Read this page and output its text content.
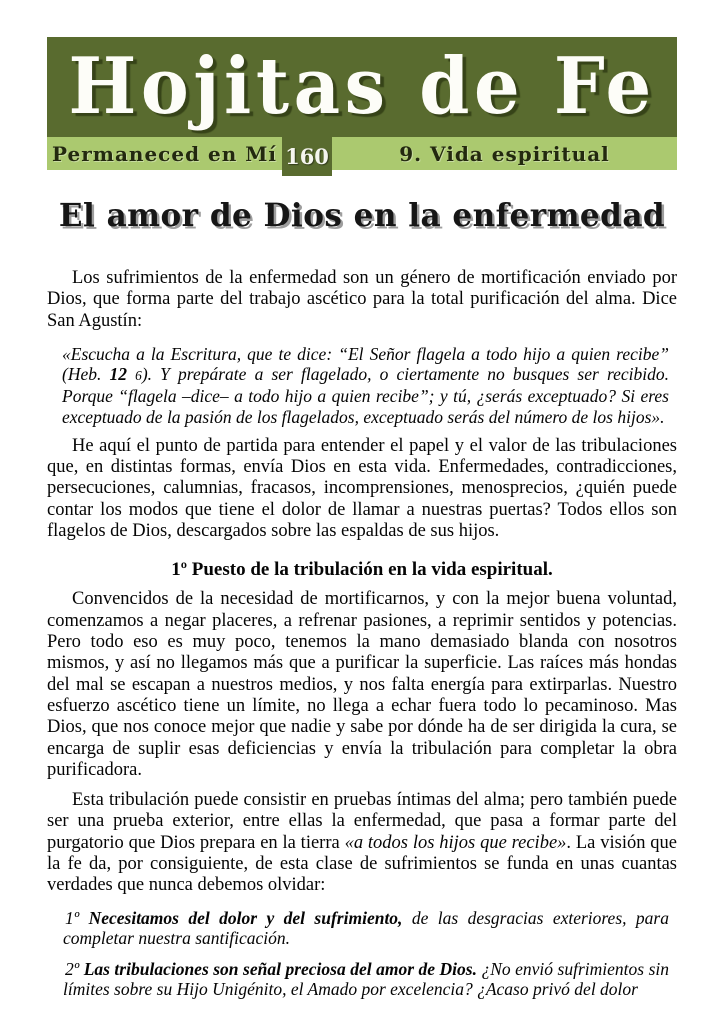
Hojitas de Fe
Permaneced en Mí 160	9. Vida espiritual
El amor de Dios en la enfermedad
Los sufrimientos de la enfermedad son un género de mortificación enviado por Dios, que forma parte del trabajo ascético para la total purificación del alma. Dice San Agustín:
«Escucha a la Escritura, que te dice: “El Señor flagela a todo hijo a quien recibe” (Heb. 12 6). Y prepárate a ser flagelado, o ciertamente no busques ser recibido. Porque “flagela –dice– a todo hijo a quien recibe”; y tú, ¿serás exceptuado? Si eres exceptuado de la pasión de los flagelados, exceptuado serás del número de los hijos».
He aquí el punto de partida para entender el papel y el valor de las tribulaciones que, en distintas formas, envía Dios en esta vida. Enfermedades, contradicciones, persecuciones, calumnias, fracasos, incomprensiones, menosprecios, ¿quién puede contar los modos que tiene el dolor de llamar a nuestras puertas? Todos ellos son flagelos de Dios, descargados sobre las espaldas de sus hijos.
1º Puesto de la tribulación en la vida espiritual.
Convencidos de la necesidad de mortificarnos, y con la mejor buena voluntad, comenzamos a negar placeres, a refrenar pasiones, a reprimir sentidos y potencias. Pero todo eso es muy poco, tenemos la mano demasiado blanda con nosotros mismos, y así no llegamos más que a purificar la superficie. Las raíces más hondas del mal se escapan a nuestros medios, y nos falta energía para extirparlas. Nuestro esfuerzo ascético tiene un límite, no llega a echar fuera todo lo pecaminoso. Mas Dios, que nos conoce mejor que nadie y sabe por dónde ha de ser dirigida la cura, se encarga de suplir esas deficiencias y envía la tribulación para completar la obra purificadora.
Esta tribulación puede consistir en pruebas íntimas del alma; pero también puede ser una prueba exterior, entre ellas la enfermedad, que pasa a formar parte del purgatorio que Dios prepara en la tierra «a todos los hijos que recibe». La visión que la fe da, por consiguiente, de esta clase de sufrimientos se funda en unas cuantas verdades que nunca debemos olvidar:
1º Necesitamos del dolor y del sufrimiento, de las desgracias exteriores, para completar nuestra santificación.
2º Las tribulaciones son señal preciosa del amor de Dios. ¿No envió sufrimientos sin límites sobre su Hijo Unigénito, el Amado por excelencia? ¿Acaso privó del dolor
